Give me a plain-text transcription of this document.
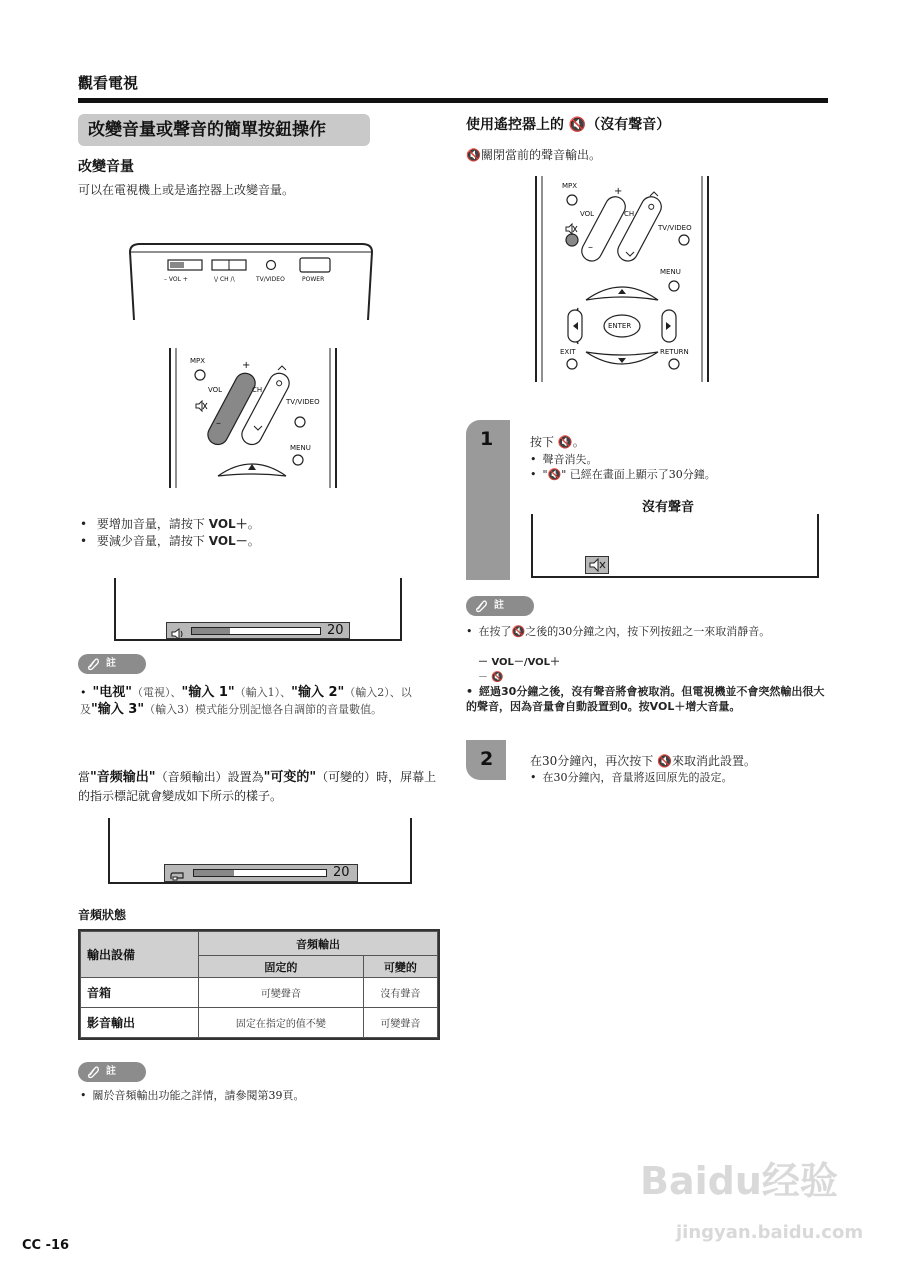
觀看電視
改變音量或聲音的簡單按鈕操作
改變音量
可以在電視機上或是遙控器上改變音量。
– VOL +	\/ CH /\	TV/VIDEO	POWER
MPX
VOL	CH
TV/VIDEO
MENU
+
–
• 要增加音量，請按下 VOL＋。
• 要減少音量，請按下 VOL－。
20
註
• "电视"（電視）、"输入 1"（輸入1）、"输入 2"（輸入2）、以及"输入 3"（輸入3）模式能分別記憶各自調節的音量數值。
當"音频输出"（音頻輸出）設置為"可变的"（可變的）時，屏幕上的指示標記就會變成如下所示的樣子。
20
音頻狀態
輸出設備	音頻輸出	
	固定的	可變的
音箱	可變聲音	沒有聲音
影音輸出	固定在指定的值不變	可變聲音
註
• 關於音頻輸出功能之詳情，請參閱第39頁。
使用遙控器上的 🔇（沒有聲音）
🔇關閉當前的聲音輸出。
MPX
VOL	CH
TV/VIDEO
MENU
ENTER
EXIT	RETURN
+
–
1	按下 🔇。
• 聲音消失。
• "🔇" 已經在畫面上顯示了30分鐘。
沒有聲音
註
• 在按了🔇之後的30分鐘之內，按下列按鈕之一來取消靜音。
－ VOL－/VOL＋
－ 🔇
• 經過30分鐘之後，沒有聲音將會被取消。但電視機並不會突然輸出很大的聲音，因為音量會自動設置到0。按VOL＋增大音量。
2	在30分鐘內，再次按下 🔇來取消此設置。
• 在30分鐘內，音量將返回原先的設定。
Baidu经验
jingyan.baidu.com
CC -16
